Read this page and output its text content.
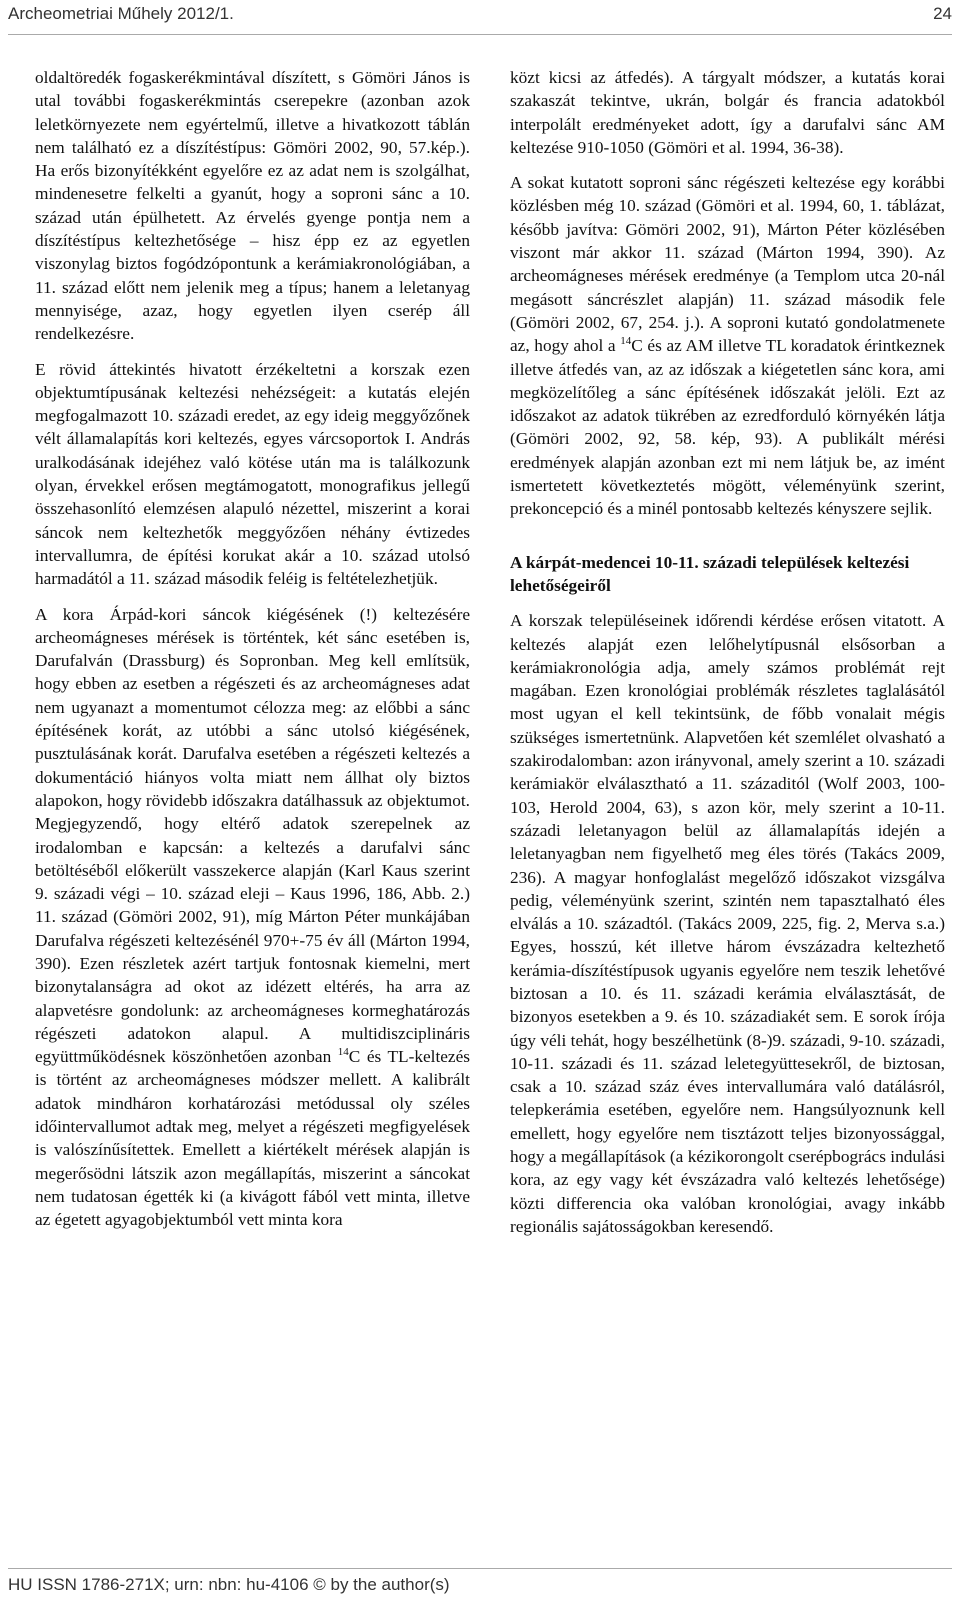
Archeometriai Műhely 2012/1.	24

oldaltöredék fogaskerékmintával díszített, s Gömöri János is utal további fogaskerékmintás cserepekre (azonban azok leletkörnyezete nem egyértelmű, illetve a hivatkozott táblán nem található ez a díszítéstípus: Gömöri 2002, 90, 57.kép.). Ha erős bizonyítékként egyelőre ez az adat nem is szolgálhat, mindenesetre felkelti a gyanút, hogy a soproni sánc a 10. század után épülhetett. Az érvelés gyenge pontja nem a díszítéstípus keltezhetősége – hisz épp ez az egyetlen viszonylag biztos fogódzópontunk a kerámiakronológiában, a 11. század előtt nem jelenik meg a típus; hanem a leletanyag mennyisége, azaz, hogy egyetlen ilyen cserép áll rendelkezésre.

E rövid áttekintés hivatott érzékeltetni a korszak ezen objektumtípusának keltezési nehézségeit: a kutatás elején megfogalmazott 10. századi eredet, az egy ideig meggyőzőnek vélt államalapítás kori keltezés, egyes várcsoportok I. András uralkodásának idejéhez való kötése után ma is találkozunk olyan, érvekkel erősen megtámogatott, monografikus jellegű összehasonlító elemzésen alapuló nézettel, miszerint a korai sáncok nem keltezhetők meggyőzően néhány évtizedes intervallumra, de építési korukat akár a 10. század utolsó harmadától a 11. század második feléig is feltételezhetjük.

A kora Árpád-kori sáncok kiégésének (!) keltezésére archeomágneses mérések is történtek, két sánc esetében is, Darufalván (Drassburg) és Sopronban. Meg kell említsük, hogy ebben az esetben a régészeti és az archeomágneses adat nem ugyanazt a momentumot célozza meg: az előbbi a sánc építésének korát, az utóbbi a sánc utolsó kiégésének, pusztulásának korát. Darufalva esetében a régészeti keltezés a dokumentáció hiányos volta miatt nem állhat oly biztos alapokon, hogy rövidebb időszakra datálhassuk az objektumot. Megjegyzendő, hogy eltérő adatok szerepelnek az irodalomban e kapcsán: a keltezés a darufalvi sánc betöltéséből előkerült vasszekerce alapján (Karl Kaus szerint 9. századi végi – 10. század eleji – Kaus 1996, 186, Abb. 2.) 11. század (Gömöri 2002, 91), míg Márton Péter munkájában Darufalva régészeti keltezésénél 970+-75 év áll (Márton 1994, 390). Ezen részletek azért tartjuk fontosnak kiemelni, mert bizonytalanságra ad okot az idézett eltérés, ha arra az alapvetésre gondolunk: az archeomágneses kormeghatározás régészeti adatokon alapul. A multidiszciplináris együttműködésnek köszönhetően azonban $^{14}$C és TL-keltezés is történt az archeomágneses módszer mellett. A kalibrált adatok mindháron korhatározási metódussal oly széles időintervallumot adtak meg, melyet a régészeti megfigyelések is valószínűsítettek. Emellett a kiértékelt mérések alapján is megerősödni látszik azon megállapítás, miszerint a sáncokat nem tudatosan égették ki (a kivágott fából vett minta, illetve az égetett agyagobjektumból vett minta kora

közt kicsi az átfedés). A tárgyalt módszer, a kutatás korai szakaszát tekintve, ukrán, bolgár és francia adatokból interpolált eredményeket adott, így a darufalvi sánc AM keltezése 910-1050 (Gömöri et al. 1994, 36-38).

A sokat kutatott soproni sánc régészeti keltezése egy korábbi közlésben még 10. század (Gömöri et al. 1994, 60, 1. táblázat, később javítva: Gömöri 2002, 91), Márton Péter közlésében viszont már akkor 11. század (Márton 1994, 390). Az archeomágneses mérések eredménye (a Templom utca 20-nál megásott sáncrészlet alapján) 11. század második fele (Gömöri 2002, 67, 254. j.). A soproni kutató gondolatmenete az, hogy ahol a $^{14}$C és az AM illetve TL koradatok érintkeznek illetve átfedés van, az az időszak a kiégetetlen sánc kora, ami megközelítőleg a sánc építésének időszakát jelöli. Ezt az időszakot az adatok tükrében az ezredforduló környékén látja (Gömöri 2002, 92, 58. kép, 93). A publikált mérési eredmények alapján azonban ezt mi nem látjuk be, az imént ismertetett következtetés mögött, véleményünk szerint, prekoncepció és a minél pontosabb keltezés kényszere sejlik.

A kárpát-medencei 10-11. századi települések keltezési lehetőségeiről

A korszak településeinek időrendi kérdése erősen vitatott. A keltezés alapját ezen lelőhelytípusnál elsősorban a kerámiakronológia adja, amely számos problémát rejt magában. Ezen kronológiai problémák részletes taglalásától most ugyan el kell tekintsünk, de főbb vonalait mégis szükséges ismertetnünk. Alapvetően két szemlélet olvasható a szakirodalomban: azon irányvonal, amely szerint a 10. századi kerámiakör elválasztható a 11. századitól (Wolf 2003, 100-103, Herold 2004, 63), s azon kör, mely szerint a 10-11. századi leletanyagon belül az államalapítás idején a leletanyagban nem figyelhető meg éles törés (Takács 2009, 236). A magyar honfoglalást megelőző időszakot vizsgálva pedig, véleményünk szerint, szintén nem tapasztalható éles elválás a 10. századtól. (Takács 2009, 225, fig. 2, Merva s.a.) Egyes, hosszú, két illetve három évszázadra keltezhető kerámia-díszítéstípusok ugyanis egyelőre nem teszik lehetővé biztosan a 10. és 11. századi kerámia elválasztását, de bizonyos esetekben a 9. és 10. századiakét sem. E sorok írója úgy véli tehát, hogy beszélhetünk (8-)9. századi, 9-10. századi, 10-11. századi és 11. század leletegyüttesekről, de biztosan, csak a 10. század száz éves intervallumára való datálásról, telepkerámia esetében, egyelőre nem. Hangsúlyoznunk kell emellett, hogy egyelőre nem tisztázott teljes bizonyossággal, hogy a megállapítások (a kézikorongolt cserépbogrács indulási kora, az egy vagy két évszázadra való keltezés lehetősége) közti differencia oka valóban kronológiai, avagy inkább regionális sajátosságokban keresendő.

HU ISSN 1786-271X; urn: nbn: hu-4106 © by the author(s)
